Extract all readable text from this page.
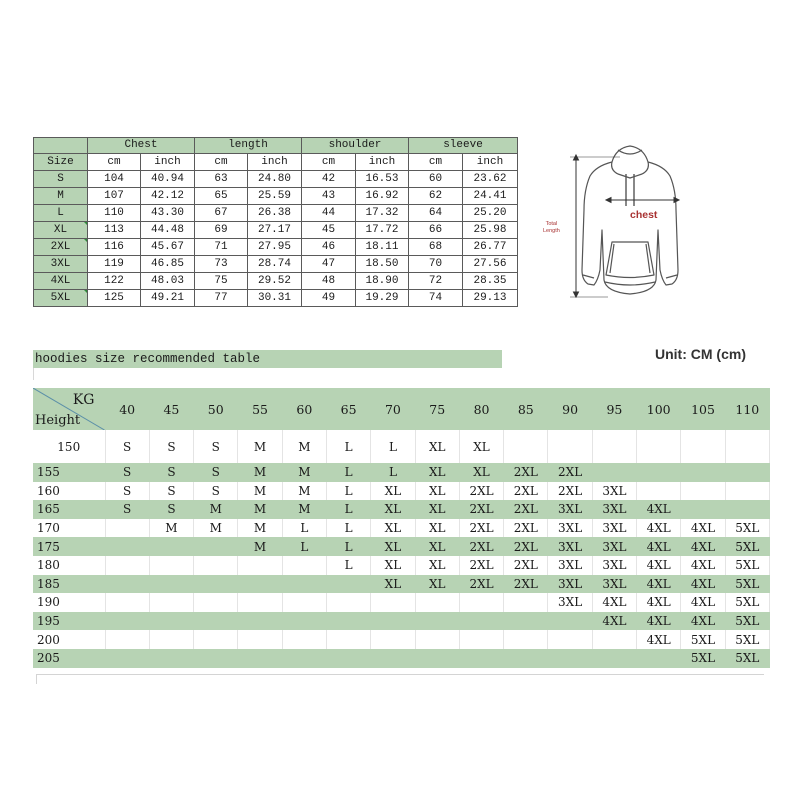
	Chest		length		shoulder		sleeve	
Size	cm	inch	cm	inch	cm	inch	cm	inch
S	104	40.94	63	24.80	42	16.53	60	23.62
M	107	42.12	65	25.59	43	16.92	62	24.41
L	110	43.30	67	26.38	44	17.32	64	25.20
XL	113	44.48	69	27.17	45	17.72	66	25.98
2XL	116	45.67	71	27.95	46	18.11	68	26.77
3XL	119	46.85	73	28.74	47	18.50	70	27.56
4XL	122	48.03	75	29.52	48	18.90	72	28.35
5XL	125	49.21	77	30.31	49	19.29	74	29.13
chest
Total
Length
hoodies size recommended table	Unit: CM (cm)
KG
Height	40	45	50	55	60	65	70	75	80	85	90	95	100	105	110
150	S	S	S	M	M	L	L	XL	XL						
155	S	S	S	M	M	L	L	XL	XL	2XL	2XL				
160	S	S	S	M	M	L	XL	XL	2XL	2XL	2XL	3XL			
165	S	S	M	M	M	L	XL	XL	2XL	2XL	3XL	3XL	4XL		
170		M	M	M	L	L	XL	XL	2XL	2XL	3XL	3XL	4XL	4XL	5XL
175				M	L	L	XL	XL	2XL	2XL	3XL	3XL	4XL	4XL	5XL
180						L	XL	XL	2XL	2XL	3XL	3XL	4XL	4XL	5XL
185							XL	XL	2XL	2XL	3XL	3XL	4XL	4XL	5XL
190											3XL	4XL	4XL	4XL	5XL
195												4XL	4XL	4XL	5XL
200													4XL	5XL	5XL
205														5XL	5XL
